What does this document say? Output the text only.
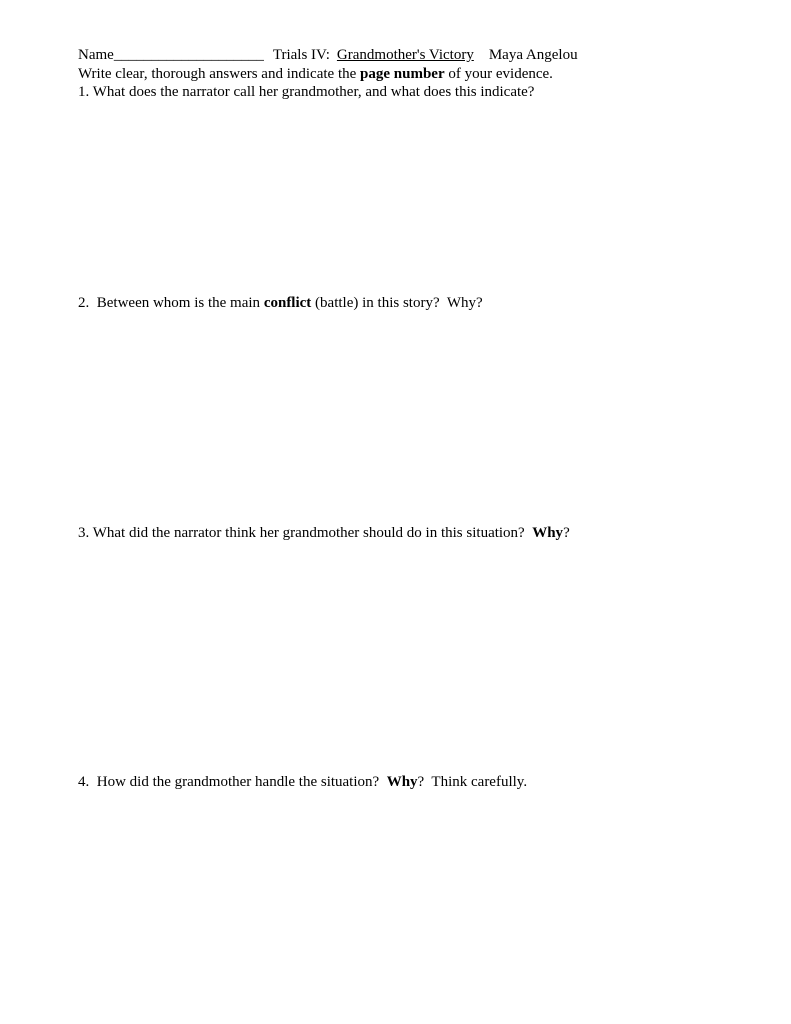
Name____________________ Trials IV: Grandmother's Victory Maya Angelou
Write clear, thorough answers and indicate the page number of your evidence.
1. What does the narrator call her grandmother, and what does this indicate?
2.  Between whom is the main conflict (battle) in this story?  Why?
3. What did the narrator think her grandmother should do in this situation?  Why?
4.  How did the grandmother handle the situation?  Why?  Think carefully.
